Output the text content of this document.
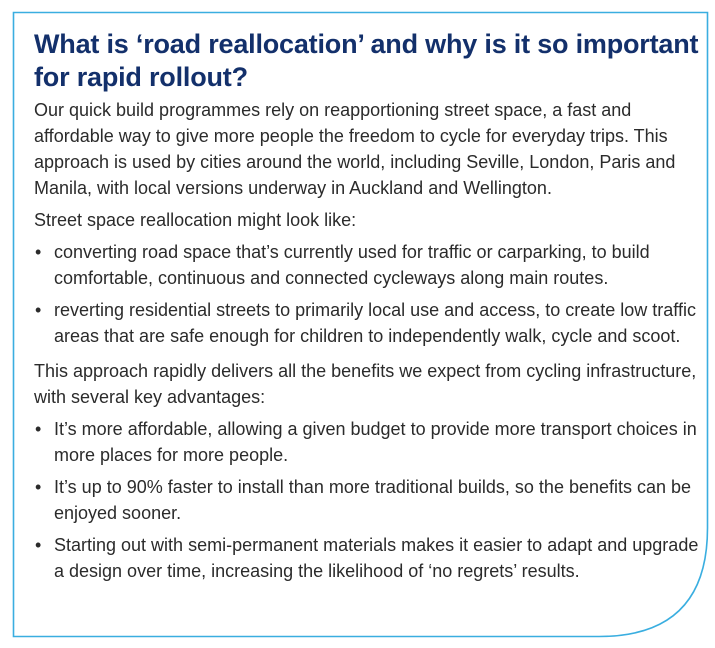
What is ‘road reallocation’ and why is it so important for rapid rollout?

Our quick build programmes rely on reapportioning street space, a fast and affordable way to give more people the freedom to cycle for everyday trips. This approach is used by cities around the world, including Seville, London, Paris and Manila, with local versions underway in Auckland and Wellington.

Street space reallocation might look like:

• converting road space that’s currently used for traffic or carparking, to build comfortable, continuous and connected cycleways along main routes.
• reverting residential streets to primarily local use and access, to create low traffic areas that are safe enough for children to independently walk, cycle and scoot.

This approach rapidly delivers all the benefits we expect from cycling infrastructure, with several key advantages:

• It’s more affordable, allowing a given budget to provide more transport choices in more places for more people.
• It’s up to 90% faster to install than more traditional builds, so the benefits can be enjoyed sooner.
• Starting out with semi-permanent materials makes it easier to adapt and upgrade a design over time, increasing the likelihood of ‘no regrets’ results.
